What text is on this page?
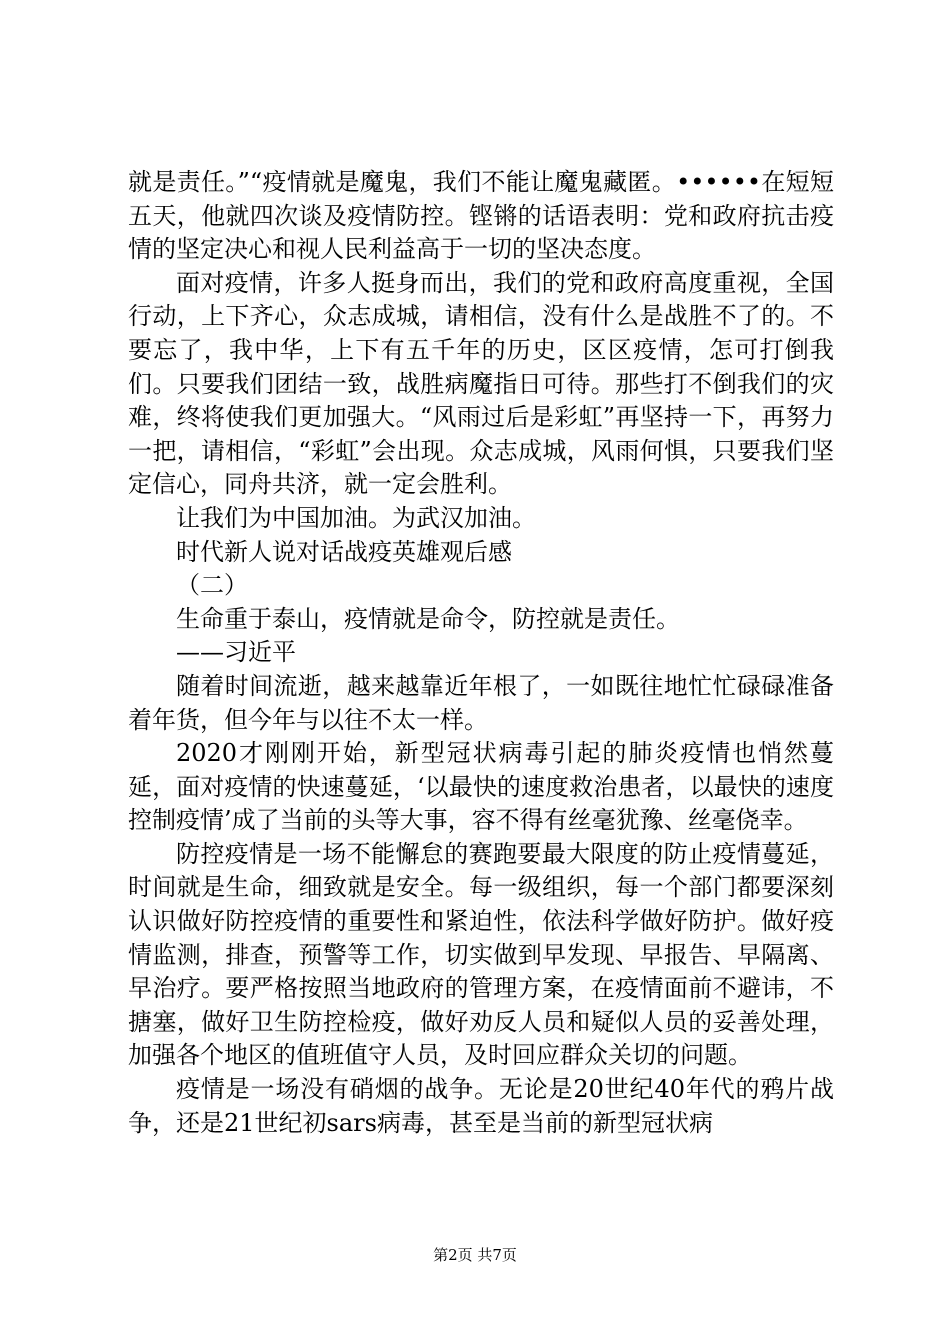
就是责任。”“疫情就是魔鬼，我们不能让魔鬼藏匿。••••••在短短五天，他就四次谈及疫情防控。铿锵的话语表明：党和政府抗击疫情的坚定决心和视人民利益高于一切的坚决态度。

面对疫情，许多人挺身而出，我们的党和政府高度重视，全国行动，上下齐心，众志成城，请相信，没有什么是战胜不了的。不要忘了，我中华，上下有五千年的历史，区区疫情，怎可打倒我们。只要我们团结一致，战胜病魔指日可待。那些打不倒我们的灾难，终将使我们更加强大。“风雨过后是彩虹”再坚持一下，再努力一把，请相信，“彩虹”会出现。众志成城，风雨何惧，只要我们坚定信心，同舟共济，就一定会胜利。

让我们为中国加油。为武汉加油。

时代新人说对话战疫英雄观后感

（二）

生命重于泰山，疫情就是命令，防控就是责任。

——习近平

随着时间流逝，越来越靠近年根了，一如既往地忙忙碌碌准备着年货，但今年与以往不太一样。

2020才刚刚开始，新型冠状病毒引起的肺炎疫情也悄然蔓延，面对疫情的快速蔓延，‘以最快的速度救治患者，以最快的速度控制疫情’成了当前的头等大事，容不得有丝毫犹豫、丝毫侥幸。

防控疫情是一场不能懈怠的赛跑要最大限度的防止疫情蔓延，时间就是生命，细致就是安全。每一级组织，每一个部门都要深刻认识做好防控疫情的重要性和紧迫性，依法科学做好防护。做好疫情监测，排查，预警等工作，切实做到早发现、早报告、早隔离、早治疗。要严格按照当地政府的管理方案，在疫情面前不避讳，不搪塞，做好卫生防控检疫，做好劝反人员和疑似人员的妥善处理，加强各个地区的值班值守人员，及时回应群众关切的问题。

疫情是一场没有硝烟的战争。无论是20世纪40年代的鸦片战争，还是21世纪初sars病毒，甚至是当前的新型冠状病

第2页 共7页
